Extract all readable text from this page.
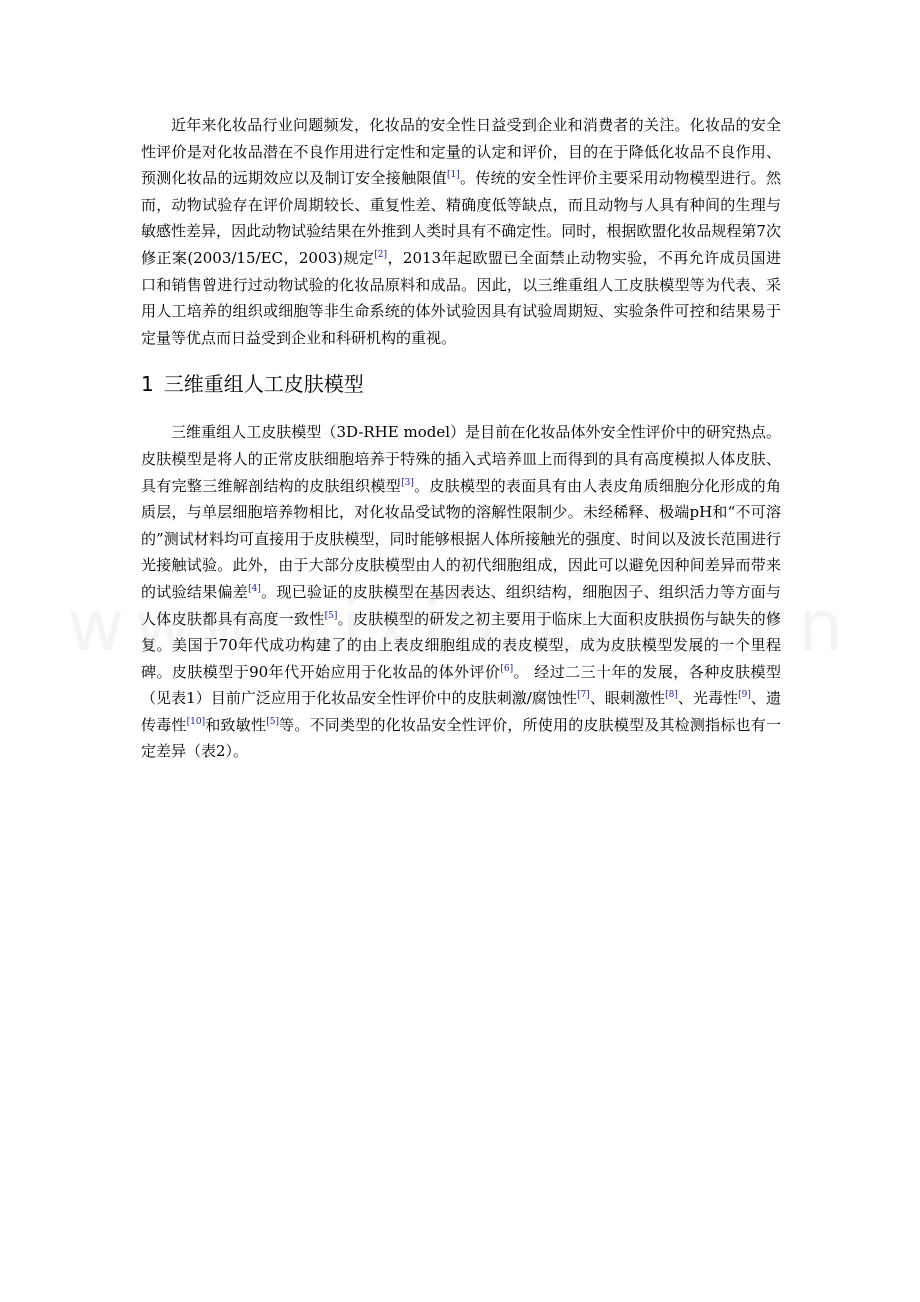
近年来化妆品行业问题频发，化妆品的安全性日益受到企业和消费者的关注。化妆品的安全性评价是对化妆品潜在不良作用进行定性和定量的认定和评价，目的在于降低化妆品不良作用、预测化妆品的远期效应以及制订安全接触限值[1]。传统的安全性评价主要采用动物模型进行。然而，动物试验存在评价周期较长、重复性差、精确度低等缺点，而且动物与人具有种间的生理与敏感性差异，因此动物试验结果在外推到人类时具有不确定性。同时，根据欧盟化妆品规程第7次修正案(2003/15/EC，2003)规定[2]，2013年起欧盟已全面禁止动物实验，不再允许成员国进口和销售曾进行过动物试验的化妆品原料和成品。因此，以三维重组人工皮肤模型等为代表、采用人工培养的组织或细胞等非生命系统的体外试验因具有试验周期短、实验条件可控和结果易于定量等优点而日益受到企业和科研机构的重视。

1 三维重组人工皮肤模型

三维重组人工皮肤模型（3D-RHE model）是目前在化妆品体外安全性评价中的研究热点。皮肤模型是将人的正常皮肤细胞培养于特殊的插入式培养皿上而得到的具有高度模拟人体皮肤、具有完整三维解剖结构的皮肤组织模型[3]。皮肤模型的表面具有由人表皮角质细胞分化形成的角质层，与单层细胞培养物相比，对化妆品受试物的溶解性限制少。未经稀释、极端pH和“不可溶的”测试材料均可直接用于皮肤模型，同时能够根据人体所接触光的强度、时间以及波长范围进行光接触试验。此外，由于大部分皮肤模型由人的初代细胞组成，因此可以避免因种间差异而带来的试验结果偏差[4]。现已验证的皮肤模型在基因表达、组织结构，细胞因子、组织活力等方面与人体皮肤都具有高度一致性[5]。皮肤模型的研发之初主要用于临床上大面积皮肤损伤与缺失的修复。美国于70年代成功构建了的由上表皮细胞组成的表皮模型，成为皮肤模型发展的一个里程碑。皮肤模型于90年代开始应用于化妆品的体外评价[6]。 经过二三十年的发展，各种皮肤模型（见表1）目前广泛应用于化妆品安全性评价中的皮肤刺激/腐蚀性[7]、眼刺激性[8]、光毒性[9]、遗传毒性[10]和致敏性[5]等。不同类型的化妆品安全性评价，所使用的皮肤模型及其检测指标也有一定差异（表2）。
